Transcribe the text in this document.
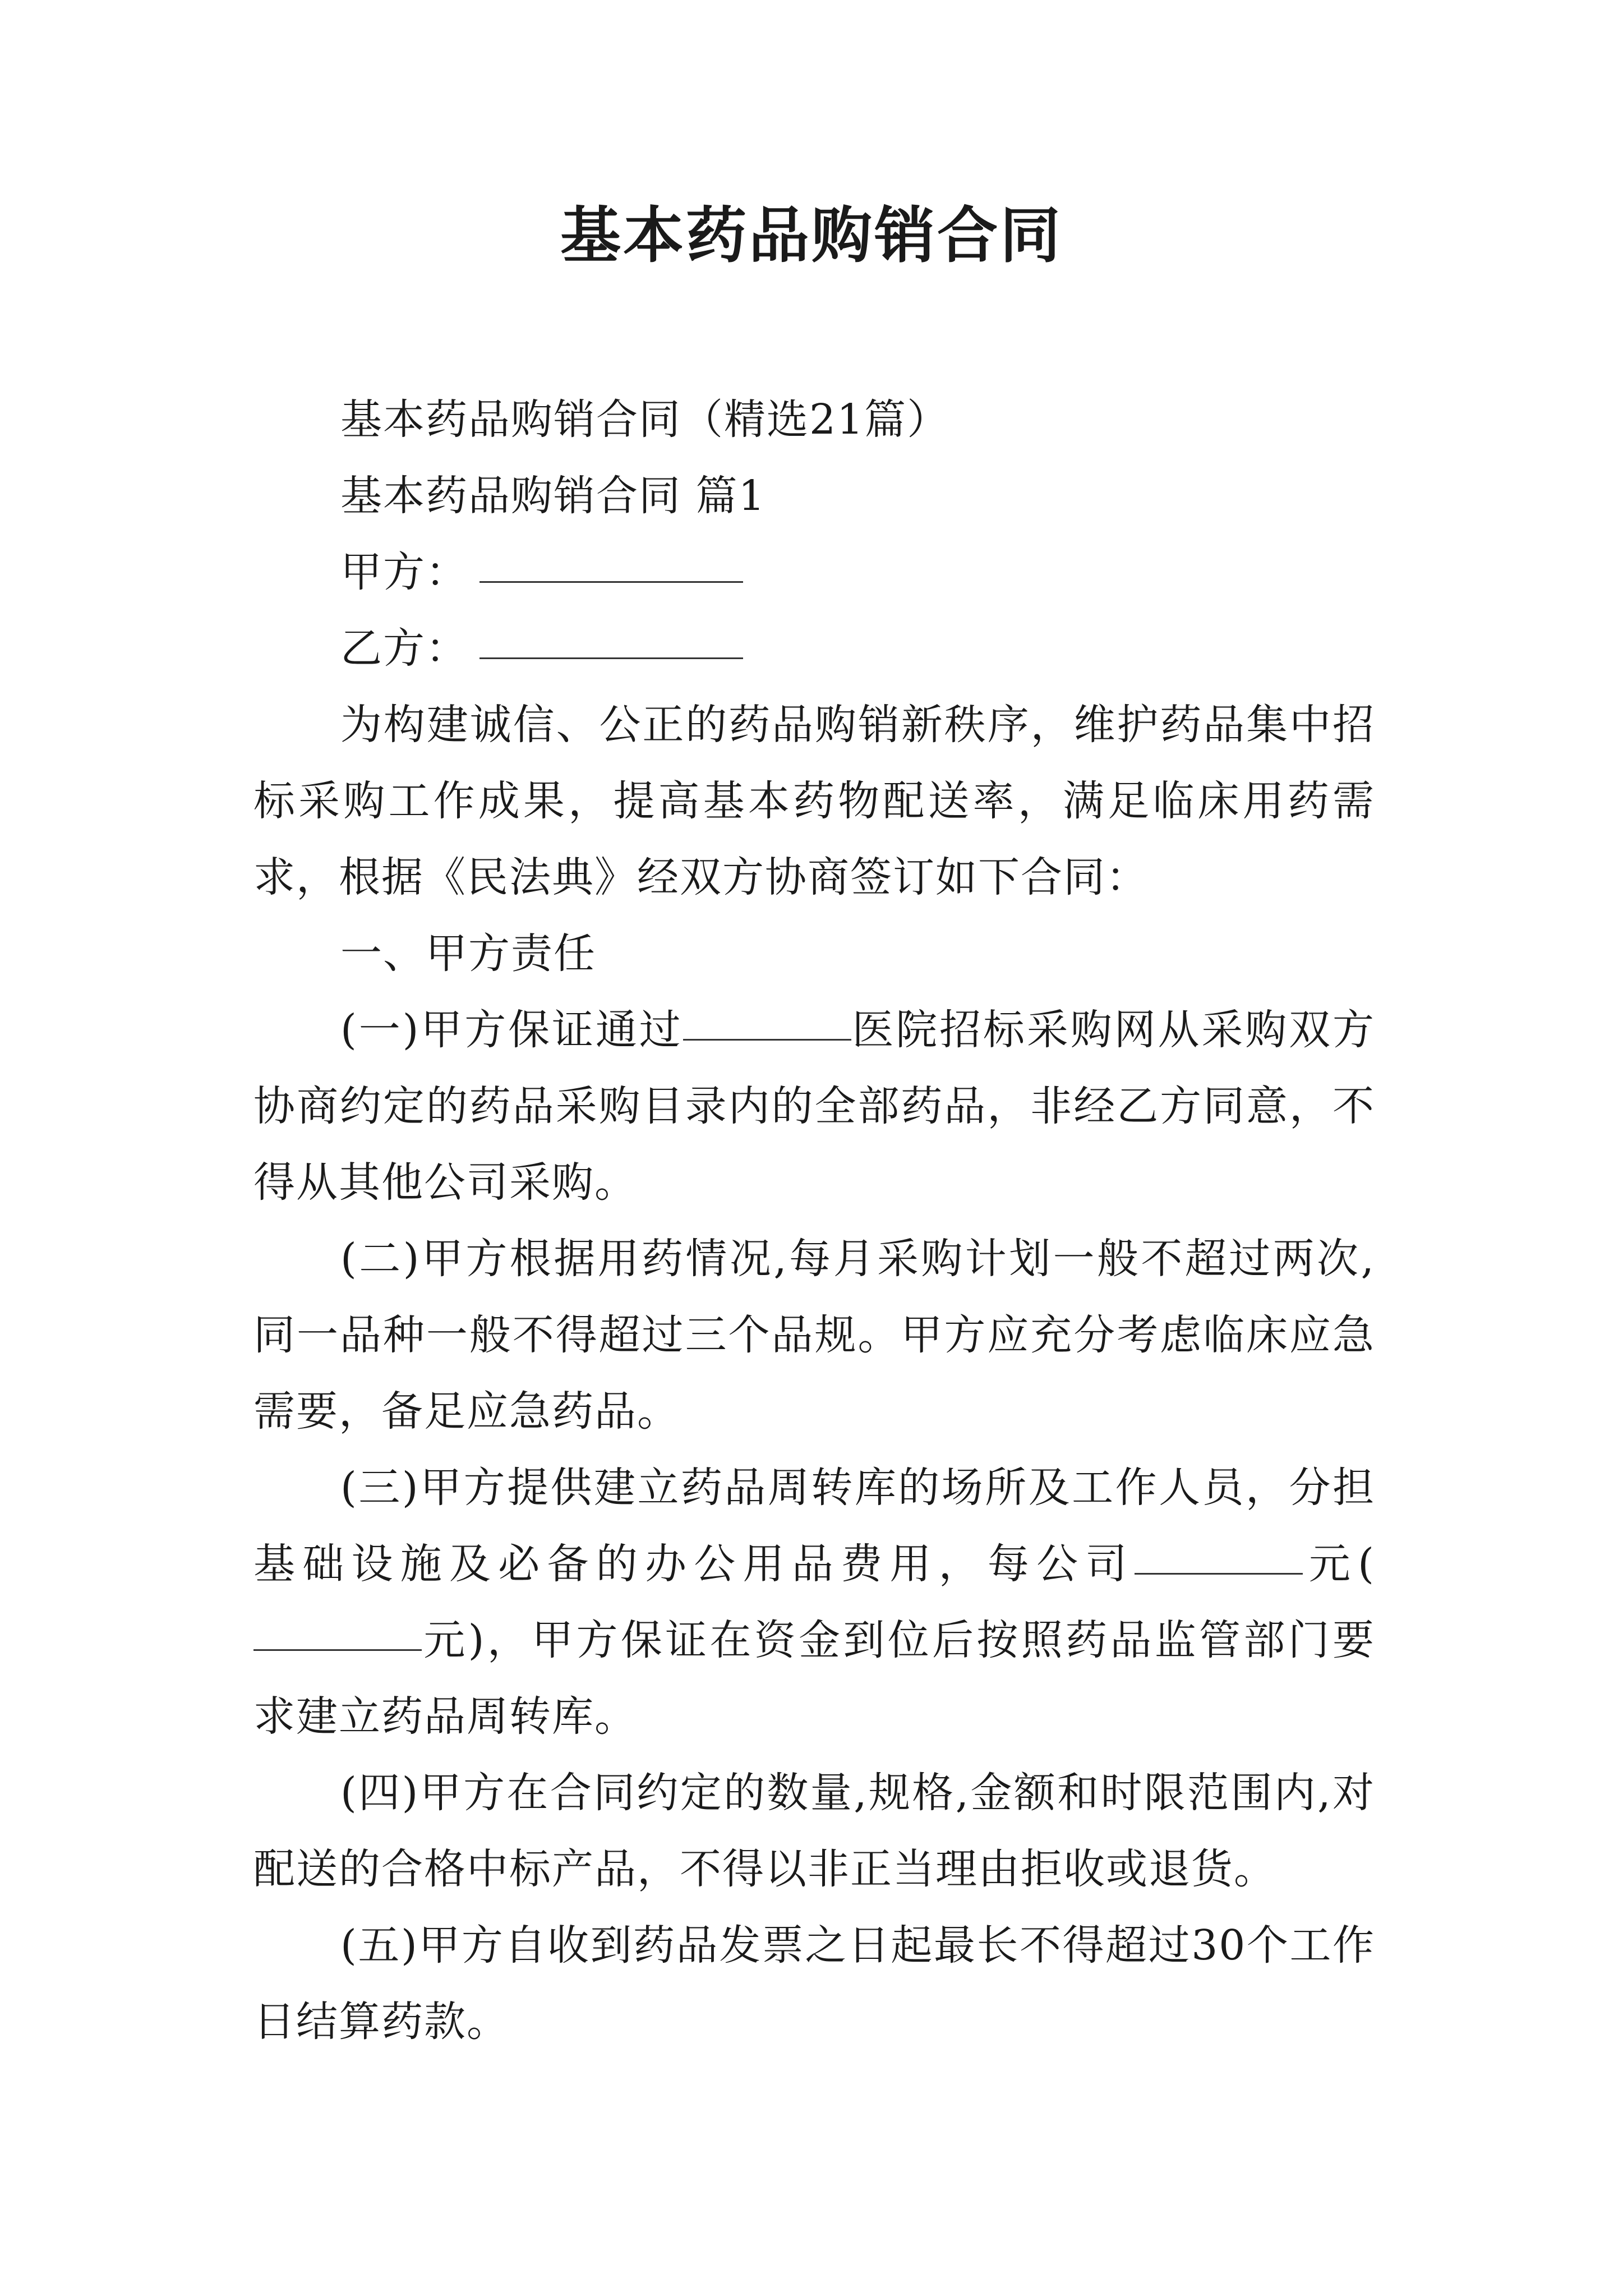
基本药品购销合同

基本药品购销合同（精选21篇）

基本药品购销合同 篇1

甲方：

乙方：

为构建诚信、公正的药品购销新秩序，维护药品集中招标采购工作成果，提高基本药物配送率，满足临床用药需求，根据《民法典》经双方协商签订如下合同：

一、甲方责任

(一)甲方保证通过	医院招标采购网从采购双方协商约定的药品采购目录内的全部药品，非经乙方同意，不得从其他公司采购。

(二)甲方根据用药情况,每月采购计划一般不超过两次,同一品种一般不得超过三个品规。甲方应充分考虑临床应急需要，备足应急药品。

(三)甲方提供建立药品周转库的场所及工作人员，分担基础设施及必备的办公用品费用，每公司	元(元)，甲方保证在资金到位后按照药品监管部门要求建立药品周转库。

(四)甲方在合同约定的数量,规格,金额和时限范围内,对配送的合格中标产品，不得以非正当理由拒收或退货。

(五)甲方自收到药品发票之日起最长不得超过30个工作日结算药款。
